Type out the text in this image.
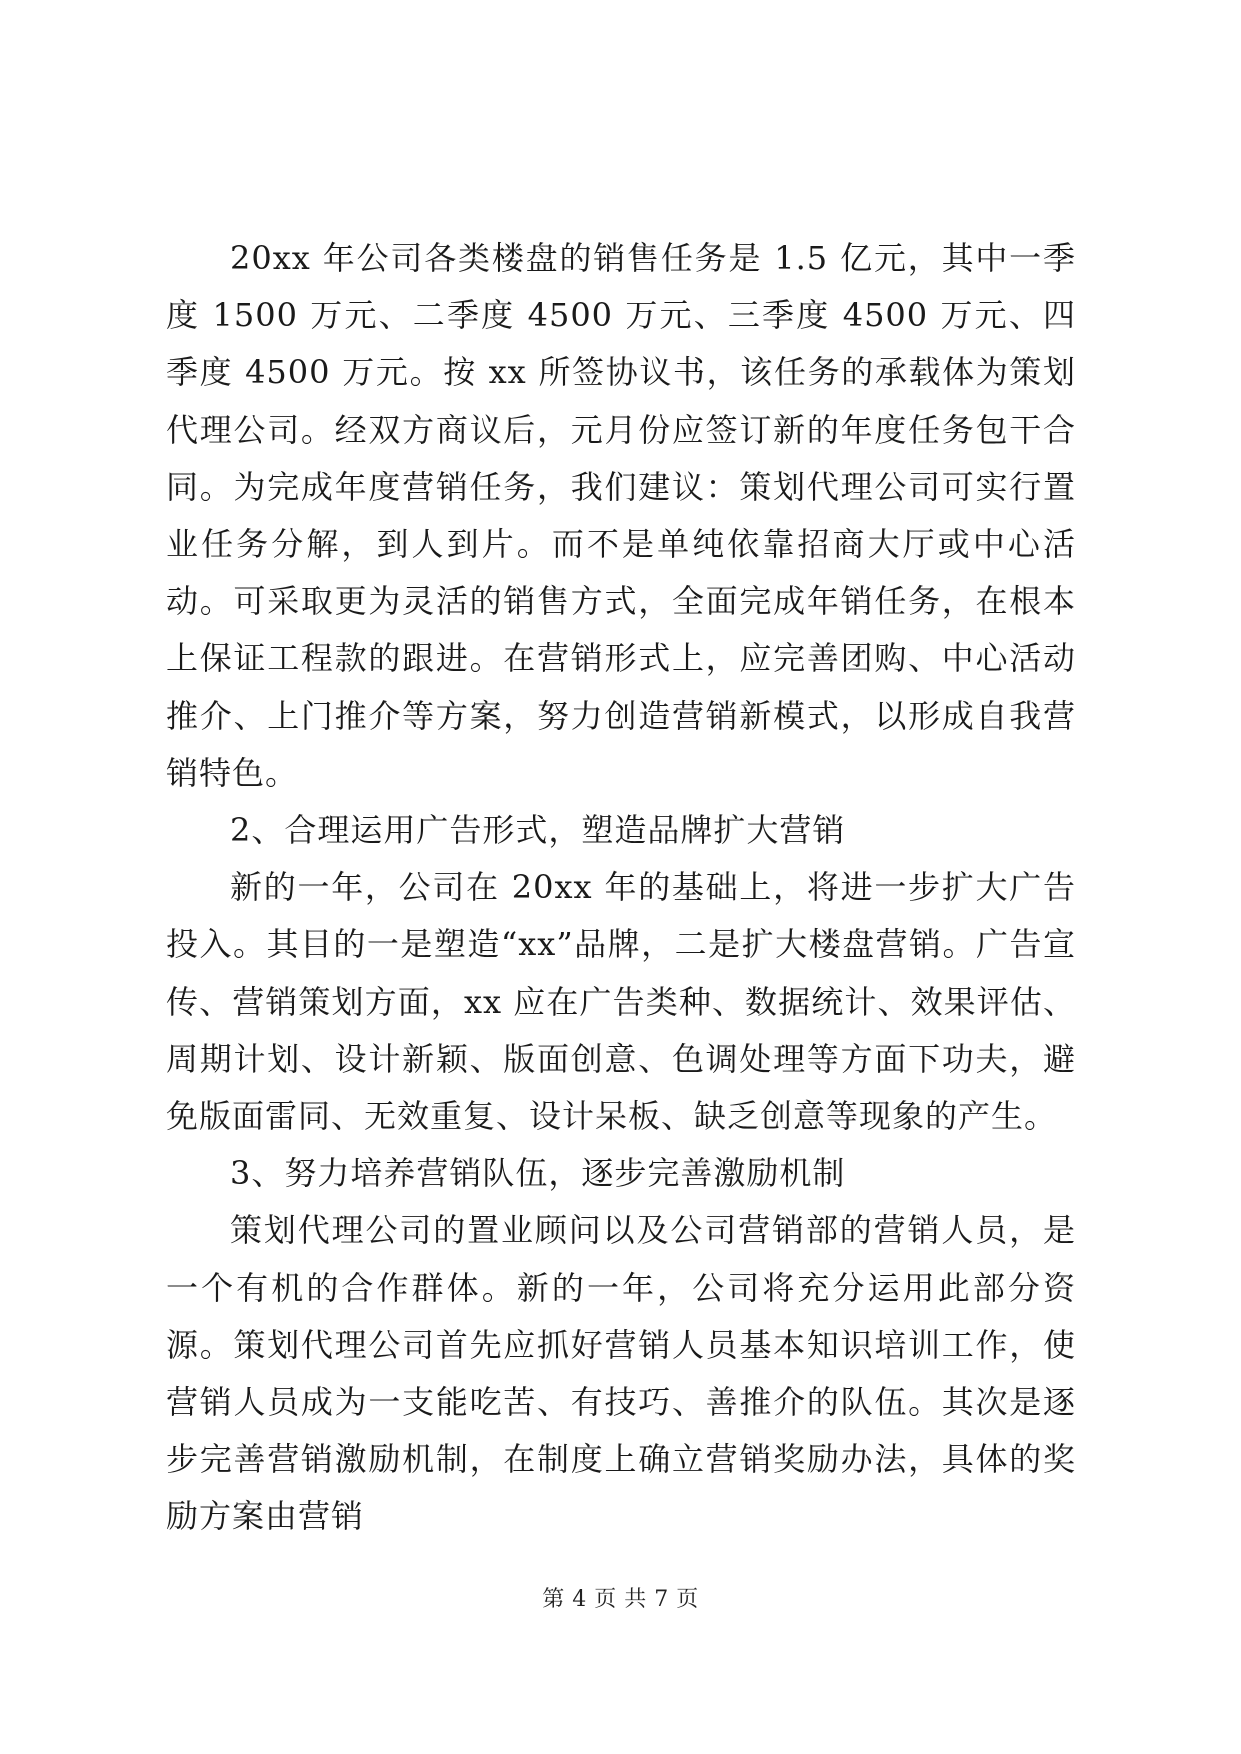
20xx 年公司各类楼盘的销售任务是 1.5 亿元，其中一季度 1500 万元、二季度 4500 万元、三季度 4500 万元、四季度 4500 万元。按 xx 所签协议书，该任务的承载体为策划代理公司。经双方商议后，元月份应签订新的年度任务包干合同。为完成年度营销任务，我们建议：策划代理公司可实行置业任务分解，到人到片。而不是单纯依靠招商大厅或中心活动。可采取更为灵活的销售方式，全面完成年销任务，在根本上保证工程款的跟进。在营销形式上，应完善团购、中心活动推介、上门推介等方案，努力创造营销新模式，以形成自我营销特色。

2、合理运用广告形式，塑造品牌扩大营销

新的一年，公司在 20xx 年的基础上，将进一步扩大广告投入。其目的一是塑造“xx”品牌，二是扩大楼盘营销。广告宣传、营销策划方面，xx 应在广告类种、数据统计、效果评估、周期计划、设计新颖、版面创意、色调处理等方面下功夫，避免版面雷同、无效重复、设计呆板、缺乏创意等现象的产生。

3、努力培养营销队伍，逐步完善激励机制

策划代理公司的置业顾问以及公司营销部的营销人员，是一个有机的合作群体。新的一年，公司将充分运用此部分资源。策划代理公司首先应抓好营销人员基本知识培训工作，使营销人员成为一支能吃苦、有技巧、善推介的队伍。其次是逐步完善营销激励机制，在制度上确立营销奖励办法，具体的奖励方案由营销

第 4 页 共 7 页
